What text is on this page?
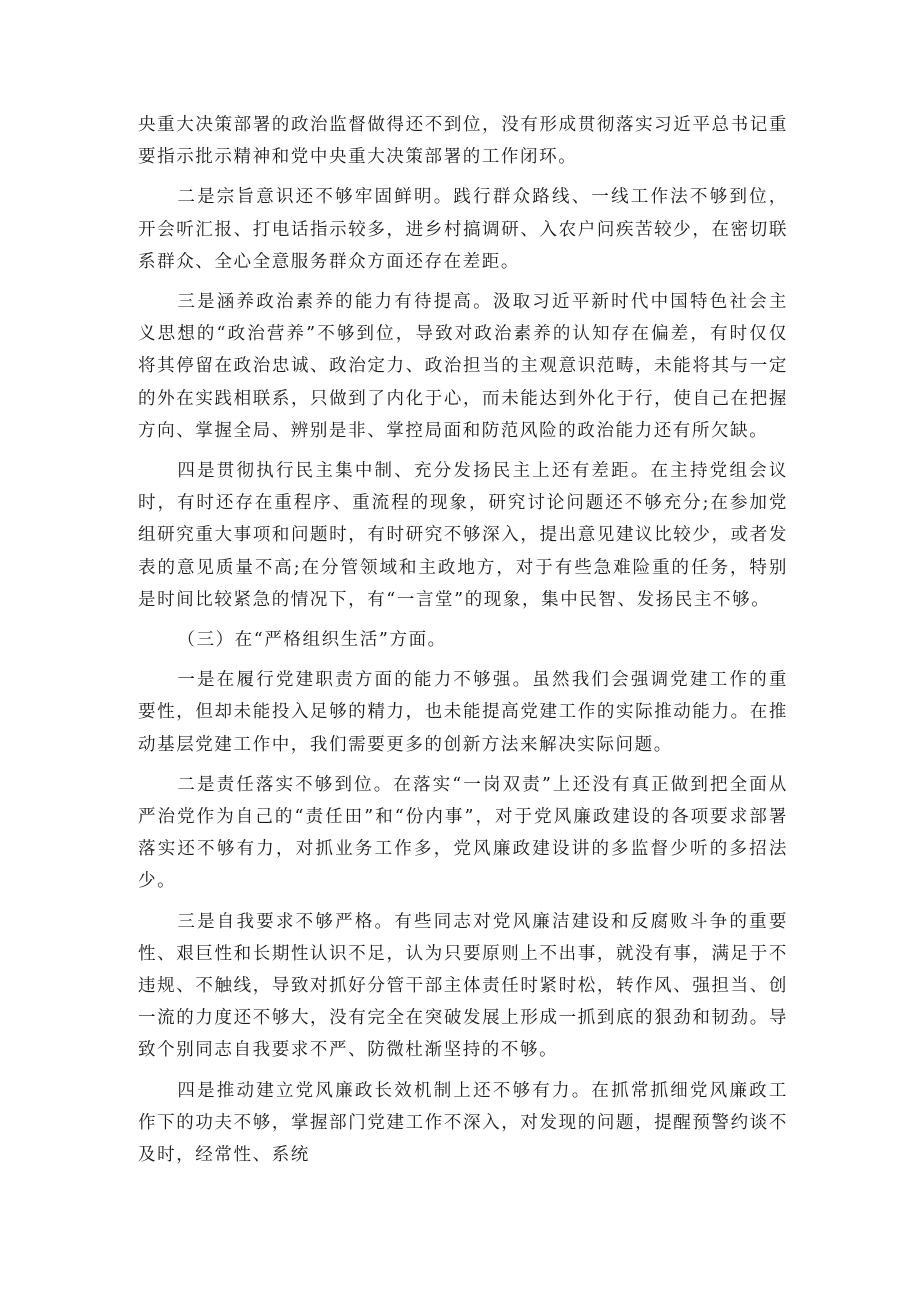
央重大决策部署的政治监督做得还不到位，没有形成贯彻落实习近平总书记重要指示批示精神和党中央重大决策部署的工作闭环。

二是宗旨意识还不够牢固鲜明。践行群众路线、一线工作法不够到位，开会听汇报、打电话指示较多，进乡村搞调研、入农户问疾苦较少，在密切联系群众、全心全意服务群众方面还存在差距。

三是涵养政治素养的能力有待提高。汲取习近平新时代中国特色社会主义思想的“政治营养”不够到位，导致对政治素养的认知存在偏差，有时仅仅将其停留在政治忠诚、政治定力、政治担当的主观意识范畴，未能将其与一定的外在实践相联系，只做到了内化于心，而未能达到外化于行，使自己在把握方向、掌握全局、辨别是非、掌控局面和防范风险的政治能力还有所欠缺。

四是贯彻执行民主集中制、充分发扬民主上还有差距。在主持党组会议时，有时还存在重程序、重流程的现象，研究讨论问题还不够充分;在参加党组研究重大事项和问题时，有时研究不够深入，提出意见建议比较少，或者发表的意见质量不高;在分管领域和主政地方，对于有些急难险重的任务，特别是时间比较紧急的情况下，有“一言堂”的现象，集中民智、发扬民主不够。

（三）在“严格组织生活”方面。

一是在履行党建职责方面的能力不够强。虽然我们会强调党建工作的重要性，但却未能投入足够的精力，也未能提高党建工作的实际推动能力。在推动基层党建工作中，我们需要更多的创新方法来解决实际问题。

二是责任落实不够到位。在落实“一岗双责”上还没有真正做到把全面从严治党作为自己的“责任田”和“份内事”，对于党风廉政建设的各项要求部署落实还不够有力，对抓业务工作多，党风廉政建设讲的多监督少听的多招法少。

三是自我要求不够严格。有些同志对党风廉洁建设和反腐败斗争的重要性、艰巨性和长期性认识不足，认为只要原则上不出事，就没有事，满足于不违规、不触线，导致对抓好分管干部主体责任时紧时松，转作风、强担当、创一流的力度还不够大，没有完全在突破发展上形成一抓到底的狠劲和韧劲。导致个别同志自我要求不严、防微杜渐坚持的不够。

四是推动建立党风廉政长效机制上还不够有力。在抓常抓细党风廉政工作下的功夫不够，掌握部门党建工作不深入，对发现的问题，提醒预警约谈不及时，经常性、系统
